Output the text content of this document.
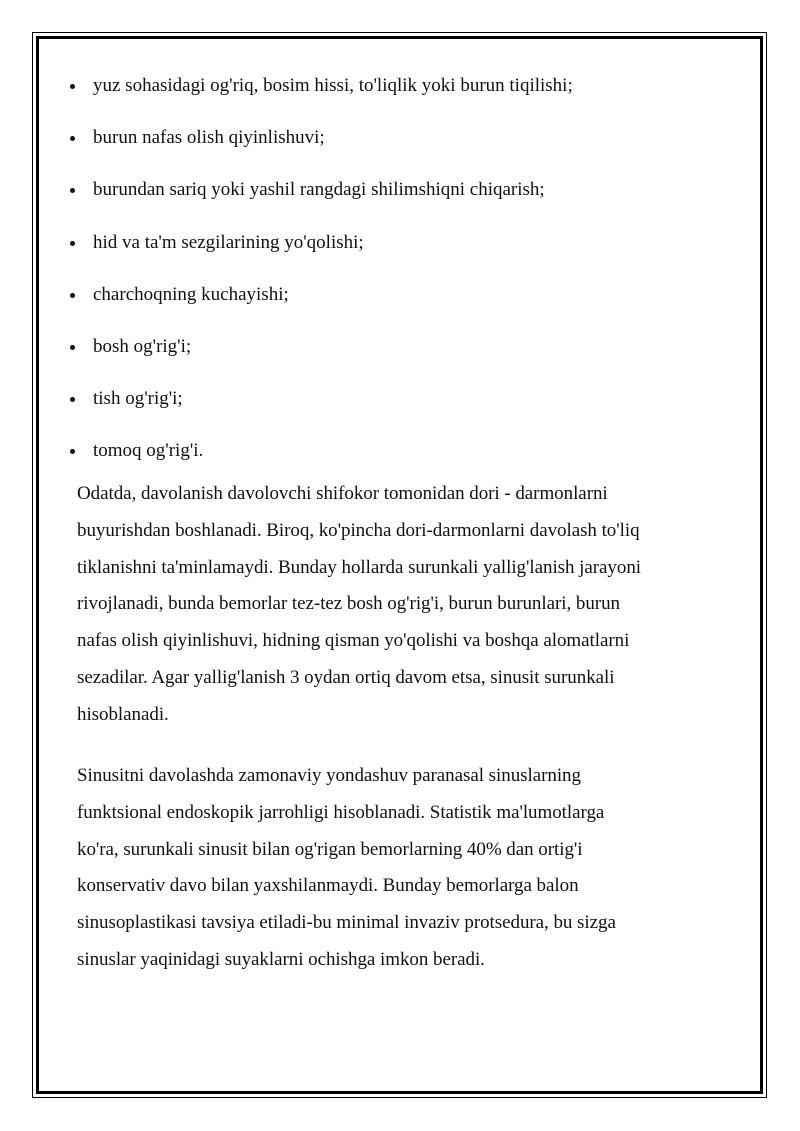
yuz sohasidagi og'riq, bosim hissi, to'liqlik yoki burun tiqilishi;
burun nafas olish qiyinlishuvi;
burundan sariq yoki yashil rangdagi shilimshiqni chiqarish;
hid va ta'm sezgilarining yo'qolishi;
charchoqning kuchayishi;
bosh og'rig'i;
tish og'rig'i;
tomoq og'rig'i.

Odatda, davolanish davolovchi shifokor tomonidan dori - darmonlarni
buyurishdan boshlanadi. Biroq, ko'pincha dori-darmonlarni davolash to'liq
tiklanishni ta'minlamaydi. Bunday hollarda surunkali yallig'lanish jarayoni
rivojlanadi, bunda bemorlar tez-tez bosh og'rig'i, burun burunlari, burun
nafas olish qiyinlishuvi, hidning qisman yo'qolishi va boshqa alomatlarni
sezadilar. Agar yallig'lanish 3 oydan ortiq davom etsa, sinusit surunkali
hisoblanadi.

Sinusitni davolashda zamonaviy yondashuv paranasal sinuslarning
funktsional endoskopik jarrohligi hisoblanadi. Statistik ma'lumotlarga
ko'ra, surunkali sinusit bilan og'rigan bemorlarning 40% dan ortig'i
konservativ davo bilan yaxshilanmaydi. Bunday bemorlarga balon
sinusoplastikasi tavsiya etiladi-bu minimal invaziv protsedura, bu sizga
sinuslar yaqinidagi suyaklarni ochishga imkon beradi.
